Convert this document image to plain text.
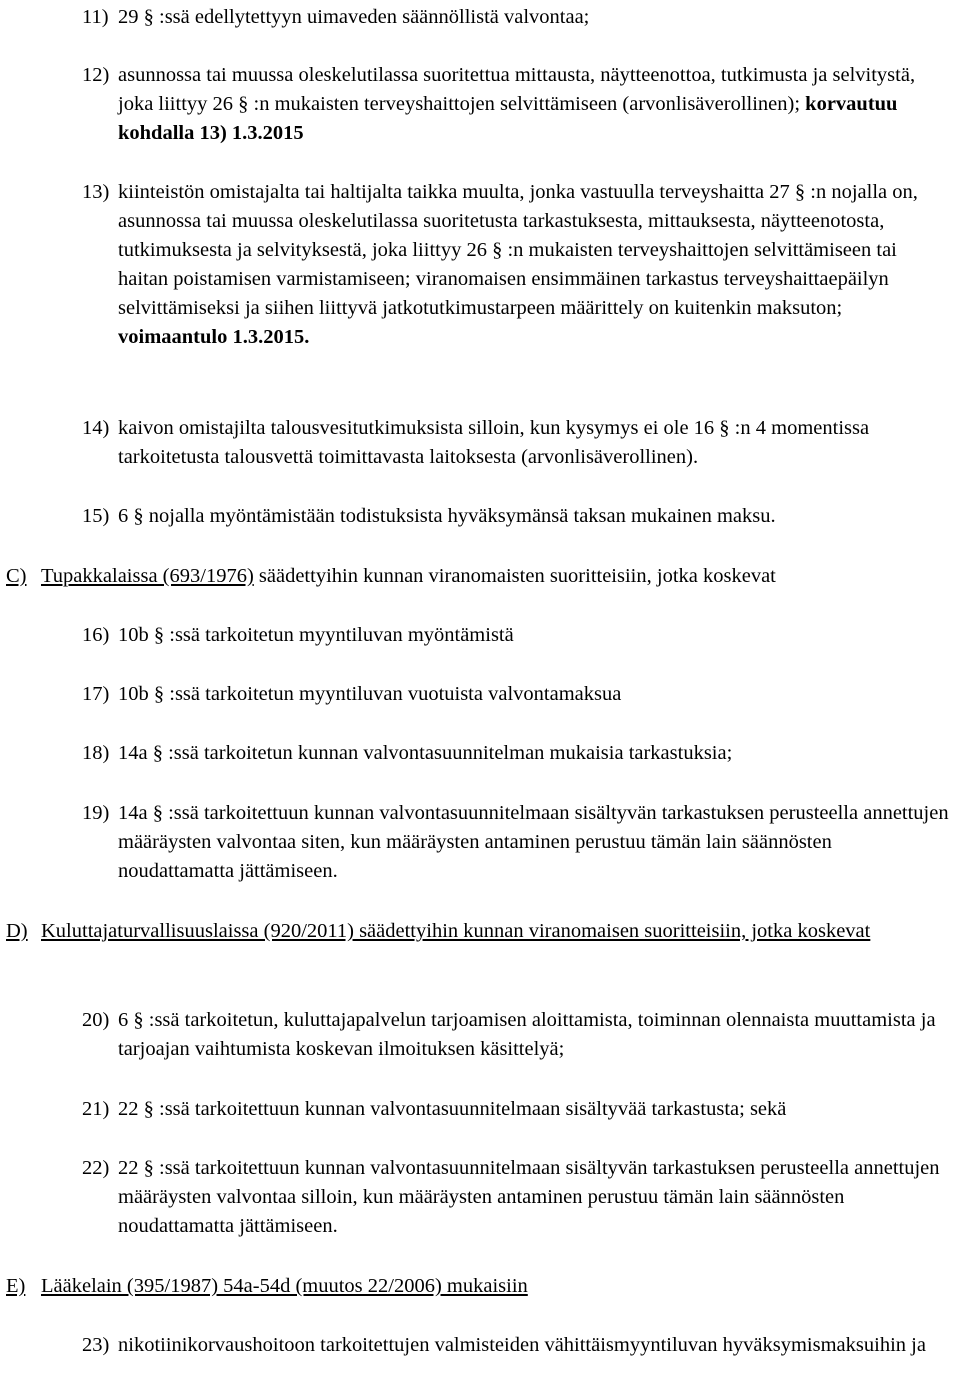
11) 29 § :ssä edellytettyyn uimaveden säännöllistä valvontaa;
12) asunnossa tai muussa oleskelutilassa suoritettua mittausta, näytteenottoa, tutkimusta ja selvitystä, joka liittyy 26 § :n mukaisten terveyshaittojen selvittämiseen (arvonlisäverollinen); korvautuu kohdalla 13) 1.3.2015
13) kiinteistön omistajalta tai haltijalta taikka muulta, jonka vastuulla terveyshaitta 27 § :n nojalla on, asunnossa tai muussa oleskelutilassa suoritetusta tarkastuksesta, mittauksesta, näytteenotosta, tutkimuksesta ja selvityksestä, joka liittyy 26 § :n mukaisten terveyshaittojen selvittämiseen tai haitan poistamisen varmistamiseen; viranomaisen ensimmäinen tarkastus terveyshaittaepäilyn selvittämiseksi ja siihen liittyvä jatkotutkimustarpeen määrittely on kuitenkin maksuton; voimaantulo 1.3.2015.
14) kaivon omistajilta talousvesitutkimuksista silloin, kun kysymys ei ole 16 § :n 4 momentissa tarkoitetusta talousvettä toimittavasta laitoksesta (arvonlisäverollinen).
15) 6 § nojalla myöntämistään todistuksista hyväksymänsä taksan mukainen maksu.
C) Tupakkalaissa (693/1976) säädettyihin kunnan viranomaisten suoritteisiin, jotka koskevat
16) 10b § :ssä tarkoitetun myyntiluvan myöntämistä
17) 10b § :ssä tarkoitetun myyntiluvan vuotuista valvontamaksua
18) 14a § :ssä tarkoitetun kunnan valvontasuunnitelman mukaisia tarkastuksia;
19) 14a § :ssä tarkoitettuun kunnan valvontasuunnitelmaan sisältyvän tarkastuksen perusteella annettujen määräysten valvontaa siten, kun määräysten antaminen perustuu tämän lain säännösten noudattamatta jättämiseen.
D) Kuluttajaturvallisuuslaissa (920/2011) säädettyihin kunnan viranomaisen suoritteisiin, jotka koskevat
20) 6 § :ssä tarkoitetun, kuluttajapalvelun tarjoamisen aloittamista, toiminnan olennaista muuttamista ja tarjoajan vaihtumista koskevan ilmoituksen käsittelyä;
21) 22 § :ssä tarkoitettuun kunnan valvontasuunnitelmaan sisältyvää tarkastusta; sekä
22) 22 § :ssä tarkoitettuun kunnan valvontasuunnitelmaan sisältyvän tarkastuksen perusteella annettujen määräysten valvontaa silloin, kun määräysten antaminen perustuu tämän lain säännösten noudattamatta jättämiseen.
E) Lääkelain (395/1987) 54a-54d (muutos 22/2006) mukaisiin
23) nikotiinikorvaushoitoon tarkoitettujen valmisteiden vähittäismyyntiluvan hyväksymismaksuihin ja
